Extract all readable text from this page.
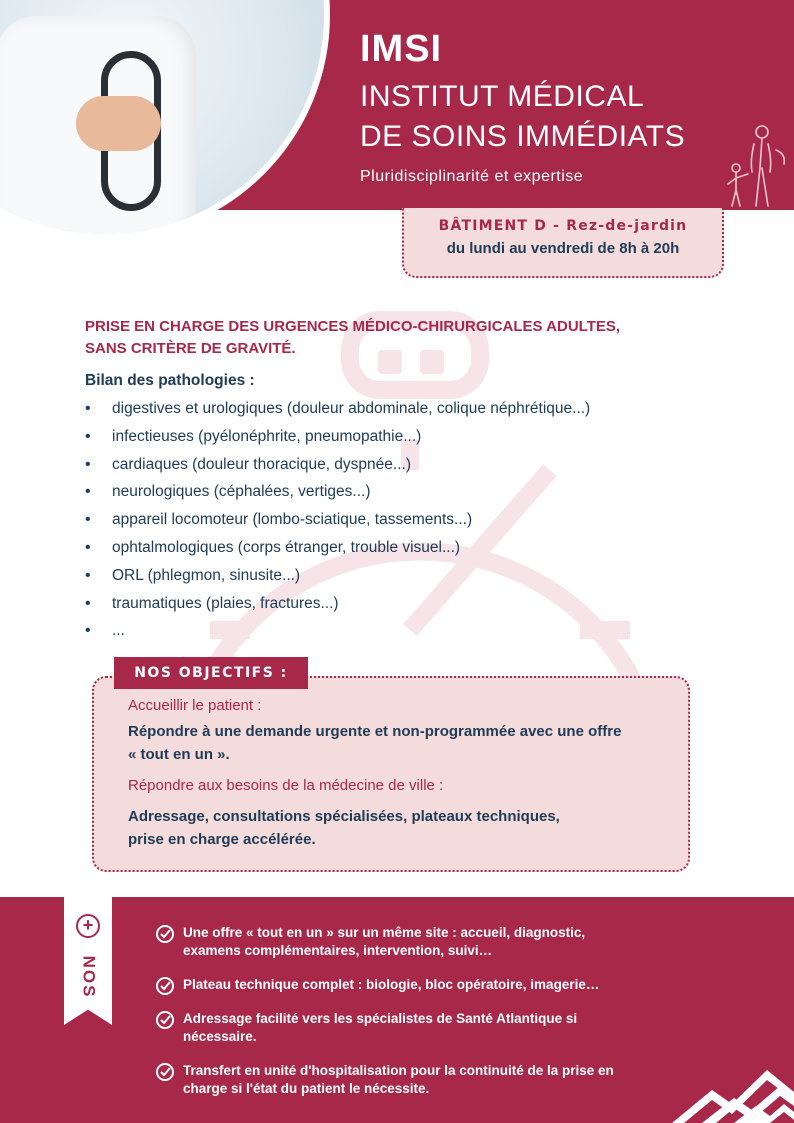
IMSI
INSTITUT MÉDICAL
DE SOINS IMMÉDIATS
Pluridisciplinarité et expertise
BÂTIMENT D - Rez-de-jardin
du lundi au vendredi de 8h à 20h
PRISE EN CHARGE DES URGENCES MÉDICO-CHIRURGICALES ADULTES,
SANS CRITÈRE DE GRAVITÉ.
Bilan des pathologies :
• digestives et urologiques (douleur abdominale, colique néphrétique...)
• infectieuses (pyélonéphrite, pneumopathie...)
• cardiaques (douleur thoracique, dyspnée...)
• neurologiques (céphalées, vertiges...)
• appareil locomoteur (lombo-sciatique, tassements...)
• ophtalmologiques (corps étranger, trouble visuel...)
• ORL (phlegmon, sinusite...)
• traumatiques (plaies, fractures...)
• ...
NOS OBJECTIFS :
Accueillir le patient :
Répondre à une demande urgente et non-programmée avec une offre
« tout en un ».
Répondre aux besoins de la médecine de ville :
Adressage, consultations spécialisées, plateaux techniques,
prise en charge accélérée.
+
NOS
Une offre « tout en un » sur un même site : accueil, diagnostic,
examens complémentaires, intervention, suivi…
Plateau technique complet : biologie, bloc opératoire, imagerie…
Adressage facilité vers les spécialistes de Santé Atlantique si
nécessaire.
Transfert en unité d'hospitalisation pour la continuité de la prise en
charge si l'état du patient le nécessite.
